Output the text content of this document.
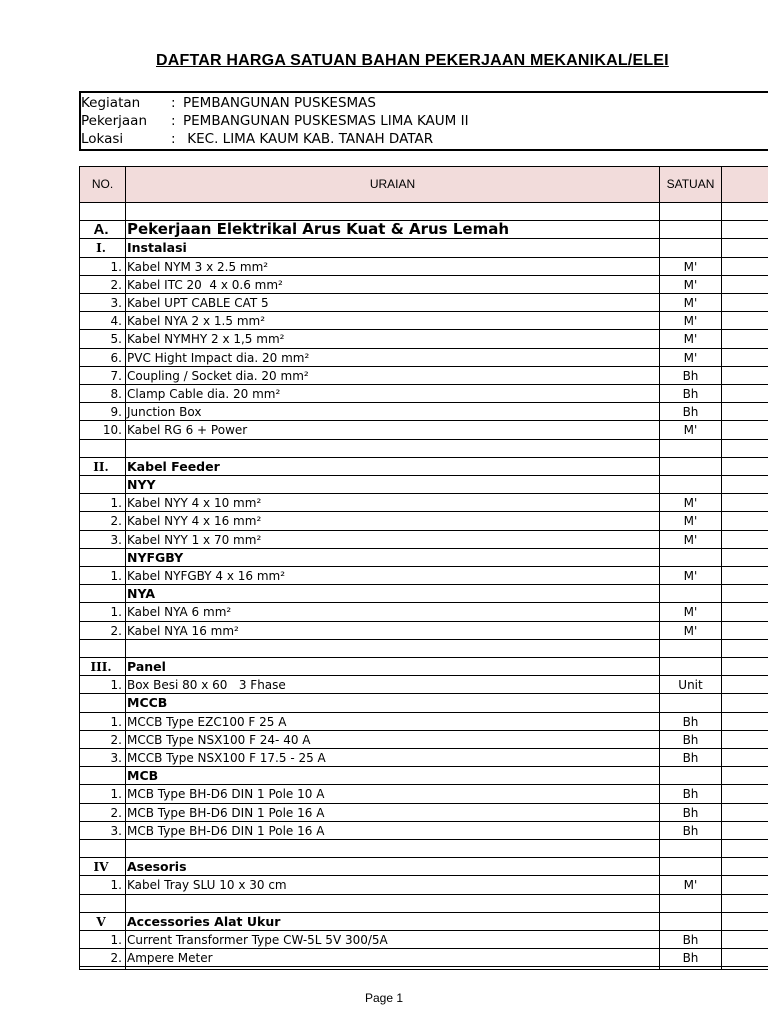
DAFTAR HARGA SATUAN BAHAN PEKERJAAN MEKANIKAL/ELEI
Kegiatan : PEMBANGUNAN PUSKESMAS
Pekerjaan : PEMBANGUNAN PUSKESMAS LIMA KAUM II
Lokasi	: KEC. LIMA KAUM KAB. TANAH DATAR
NO.	URAIAN	SATUAN
A.	Pekerjaan Elektrikal Arus Kuat & Arus Lemah
I.	Instalasi
1. Kabel NYM 3 x 2.5 mm²	M'
2. Kabel ITC 20  4 x 0.6 mm²	M'
3. Kabel UPT CABLE CAT 5	M'
4. Kabel NYA 2 x 1.5 mm²	M'
5. Kabel NYMHY 2 x 1,5 mm²	M'
6. PVC Hight Impact dia. 20 mm²	M'
7. Coupling / Socket dia. 20 mm²	Bh
8. Clamp Cable dia. 20 mm²	Bh
9. Junction Box	Bh
10. Kabel RG 6 + Power	M'
II.	Kabel Feeder
NYY
1. Kabel NYY 4 x 10 mm²	M'
2. Kabel NYY 4 x 16 mm²	M'
3. Kabel NYY 1 x 70 mm²	M'
NYFGBY
1. Kabel NYFGBY 4 x 16 mm²	M'
NYA
1. Kabel NYA 6 mm²	M'
2. Kabel NYA 16 mm²	M'
III.	Panel
1. Box Besi 80 x 60   3 Fhase	Unit
MCCB
1. MCCB Type EZC100 F 25 A	Bh
2. MCCB Type NSX100 F 24- 40 A	Bh
3. MCCB Type NSX100 F 17.5 - 25 A	Bh
MCB
1. MCB Type BH-D6 DIN 1 Pole 10 A	Bh
2. MCB Type BH-D6 DIN 1 Pole 16 A	Bh
3. MCB Type BH-D6 DIN 1 Pole 16 A	Bh
IV	Asesoris
1. Kabel Tray SLU 10 x 30 cm	M'
V	Accessories Alat Ukur
1. Current Transformer Type CW-5L 5V 300/5A	Bh
2. Ampere Meter	Bh
Page 1
